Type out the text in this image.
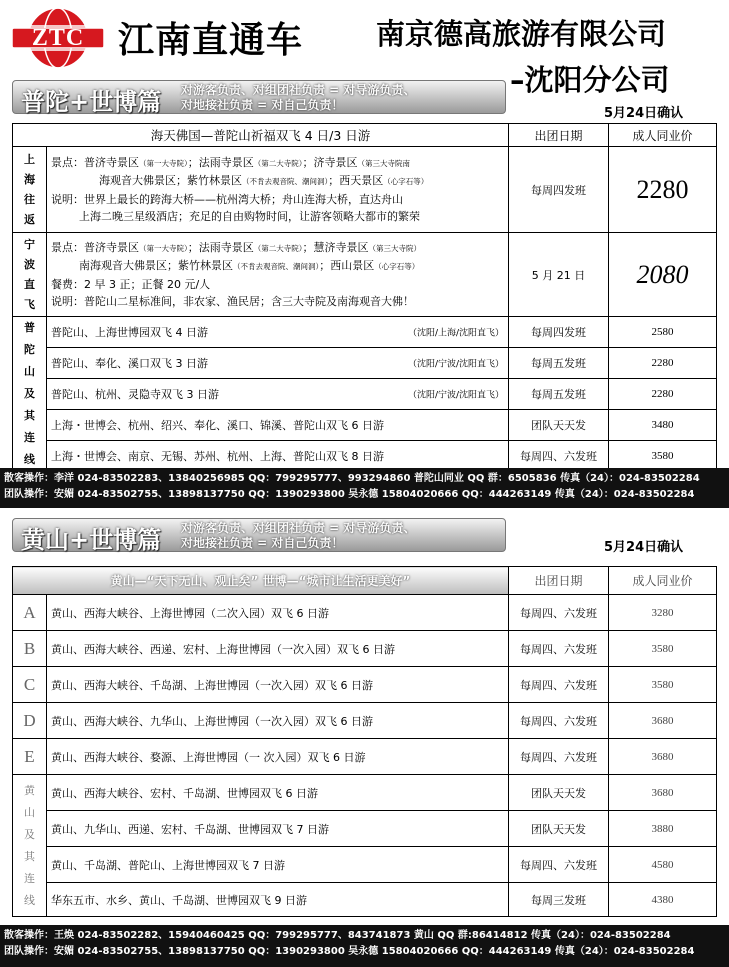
ZTC 江南直通车	南京德高旅游有限公司
–沈阳分公司
普陀+世博篇 对游客负责、对组团社负责 = 对导游负责、
对地接社负责 = 对自己负责！
5月24日确认
海天佛国—普陀山祈福双飞 4 日/3 日游		出团日期	成人同业价

上海往返	景点：普济寺景区（第一大寺院）；法雨寺景区（第二大寺院）；济寺景区（第三大寺院南
海观音大佛景区；紫竹林景区（不肯去观音院、潮间洞）；西天景区（心字石等）
说明：世界上最长的跨海大桥——杭州湾大桥；舟山连海大桥，直达舟山
上海二晚三星级酒店；充足的自由购物时间，让游客领略大都市的繁荣	每周四发班	2280

宁波直飞	景点：普济寺景区（第一大寺院）；法雨寺景区（第二大寺院）；慧济寺景区（第三大寺院）
南海观音大佛景区；紫竹林景区（不肯去观音院、潮间洞）；西山景区（心字石等）
餐费：2 早 3 正；正餐 20 元/人
说明：普陀山二星标准间，非农家、渔民居；含三大寺院及南海观音大佛！	5 月 21 日	2080

普陀山及其连线	普陀山、上海世博园双飞 4 日游 （沈阳/上海/沈阳直飞）	每周四发班	2580
	普陀山、奉化、溪口双飞 3 日游 （沈阳/宁波/沈阳直飞）	每周五发班	2280
	普陀山、杭州、灵隐寺双飞 3 日游 （沈阳/宁波/沈阳直飞）	每周五发班	2280
	上海・世博会、杭州、绍兴、奉化、溪口、锦溪、普陀山双飞 6 日游	团队天天发	3480
	上海・世博会、南京、无锡、苏州、杭州、上海、普陀山双飞 8 日游	每周四、六发班	3580
散客操作：李洋 024-83502283、13840256985 QQ：799295777、993294860 普陀山同业 QQ 群：6505836 传真（24）：024-83502284
团队操作：安媚 024-83502755、13898137750 QQ：1390293800 吴永德 15804020666 QQ：444263149 传真（24）：024-83502284
黄山+世博篇 对游客负责、对组团社负责 = 对导游负责、
对地接社负责 = 对自己负责！	5月24日确认
黄山—“天下无山、观止矣” 世博—“城市让生活更美好”		出团日期	成人同业价
A	黄山、西海大峡谷、上海世博园（二次入园）双飞 6 日游	每周四、六发班	3280
B	黄山、西海大峡谷、西递、宏村、上海世博园（一次入园）双飞 6 日游	每周四、六发班	3580
C	黄山、西海大峡谷、千岛湖、上海世博园（一次入园）双飞 6 日游	每周四、六发班	3580
D	黄山、西海大峡谷、九华山、上海世博园（一次入园）双飞 6 日游	每周四、六发班	3680
E	黄山、西海大峡谷、婺源、上海世博园（一 次入园）双飞 6 日游	每周四、六发班	3680

黄山及其连线	黄山、西海大峡谷、宏村、千岛湖、世博园双飞 6 日游	团队天天发	3680
	黄山、九华山、西递、宏村、千岛湖、世博园双飞 7 日游	团队天天发	3880
	黄山、千岛湖、普陀山、上海世博园双飞 7 日游	每周四、六发班	4580
	华东五市、水乡、黄山、千岛湖、世博园双飞 9 日游	每周三发班	4380
散客操作：王焕 024-83502282、15940460425 QQ：799295777、843741873 黄山 QQ 群:86414812 传真（24）：024-83502284
团队操作：安媚 024-83502755、13898137750 QQ：1390293800 吴永德 15804020666 QQ：444263149 传真（24）：024-83502284
